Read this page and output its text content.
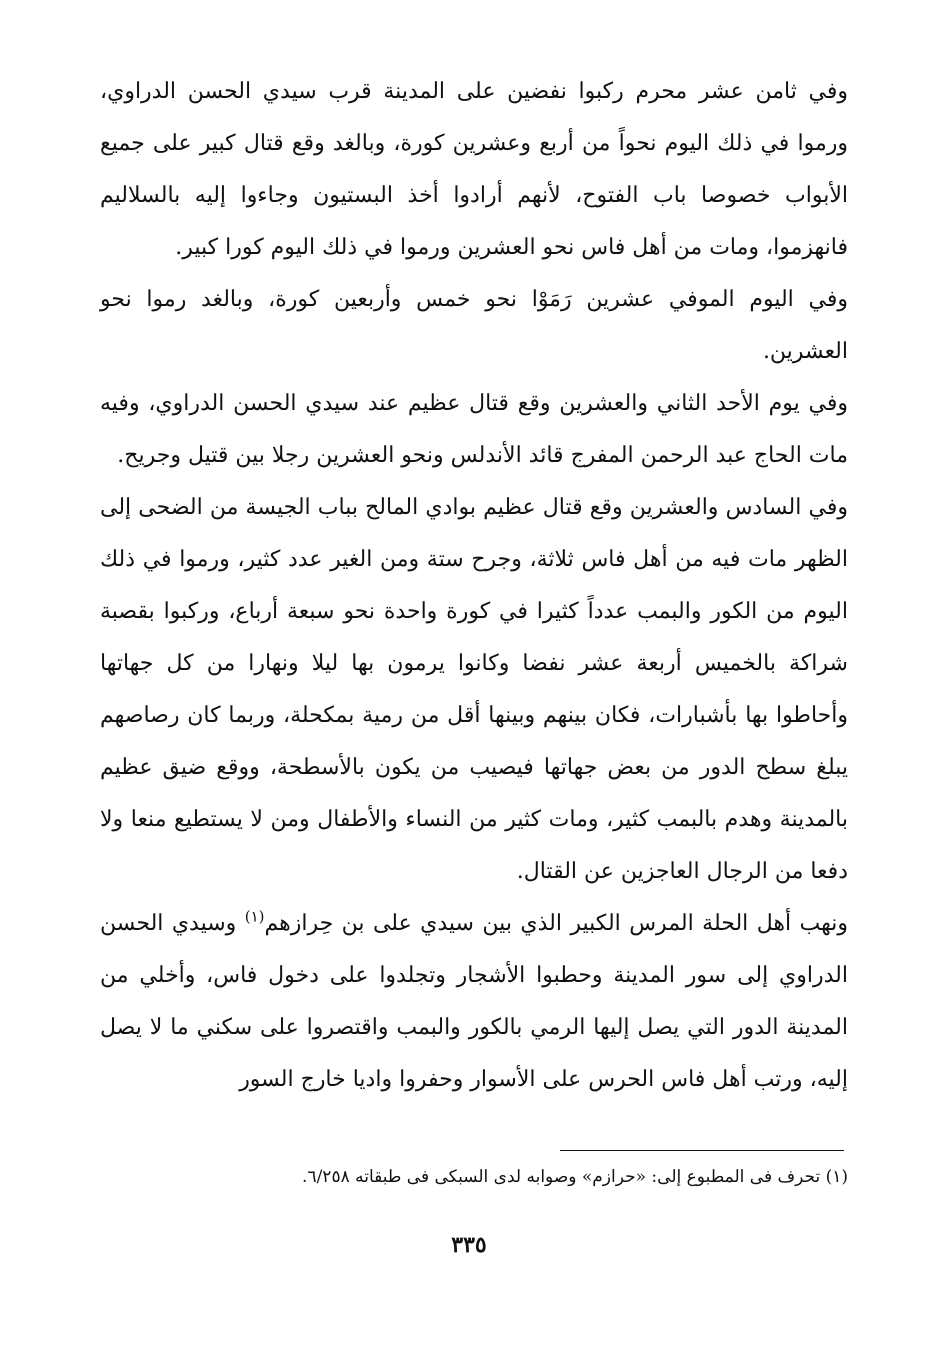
وفي ثامن عشر محرم ركبوا نفضين على المدينة قرب سيدي الحسن الدراوي، ورموا في ذلك اليوم نحواً من أربع وعشرين كورة، وبالغد وقع قتال كبير على جميع الأبواب خصوصا باب الفتوح، لأنهم أرادوا أخذ البستيون وجاءوا إليه بالسلاليم فانهزموا، ومات من أهل فاس نحو العشرين ورموا في ذلك اليوم كورا كبير.

وفي اليوم الموفي عشرين رَمَوْا نحو خمس وأربعين كورة، وبالغد رموا نحو العشرين.

وفي يوم الأحد الثاني والعشرين وقع قتال عظيم عند سيدي الحسن الدراوي، وفيه مات الحاج عبد الرحمن المفرج قائد الأندلس ونحو العشرين رجلا بين قتيل وجريح.

وفي السادس والعشرين وقع قتال عظيم بوادي المالح بباب الجيسة من الضحى إلى الظهر مات فيه من أهل فاس ثلاثة، وجرح ستة ومن الغير عدد كثير، ورموا في ذلك اليوم من الكور والبمب عدداً كثيرا في كورة واحدة نحو سبعة أرباع، وركبوا بقصبة شراكة بالخميس أربعة عشر نفضا وكانوا يرمون بها ليلا ونهارا من كل جهاتها وأحاطوا بها بأشبارات، فكان بينهم وبينها أقل من رمية بمكحلة، وربما كان رصاصهم يبلغ سطح الدور من بعض جهاتها فيصيب من يكون بالأسطحة، ووقع ضيق عظيم بالمدينة وهدم بالبمب كثير، ومات كثير من النساء والأطفال ومن لا يستطيع منعا ولا دفعا من الرجال العاجزين عن القتال.

ونهب أهل الحلة المرس الكبير الذي بين سيدي على بن حِرازهم$^{(١)}$ وسيدي الحسن الدراوي إلى سور المدينة وحطبوا الأشجار وتجلدوا على دخول فاس، وأخلي من المدينة الدور التي يصل إليها الرمي بالكور والبمب واقتصروا على سكني ما لا يصل إليه، ورتب أهل فاس الحرس على الأسوار وحفروا واديا خارج السور

(١) تحرف فى المطبوع إلى: «حرازم» وصوابه لدى السبكى فى طبقاته ٦/٢٥٨.
٣٣٥
